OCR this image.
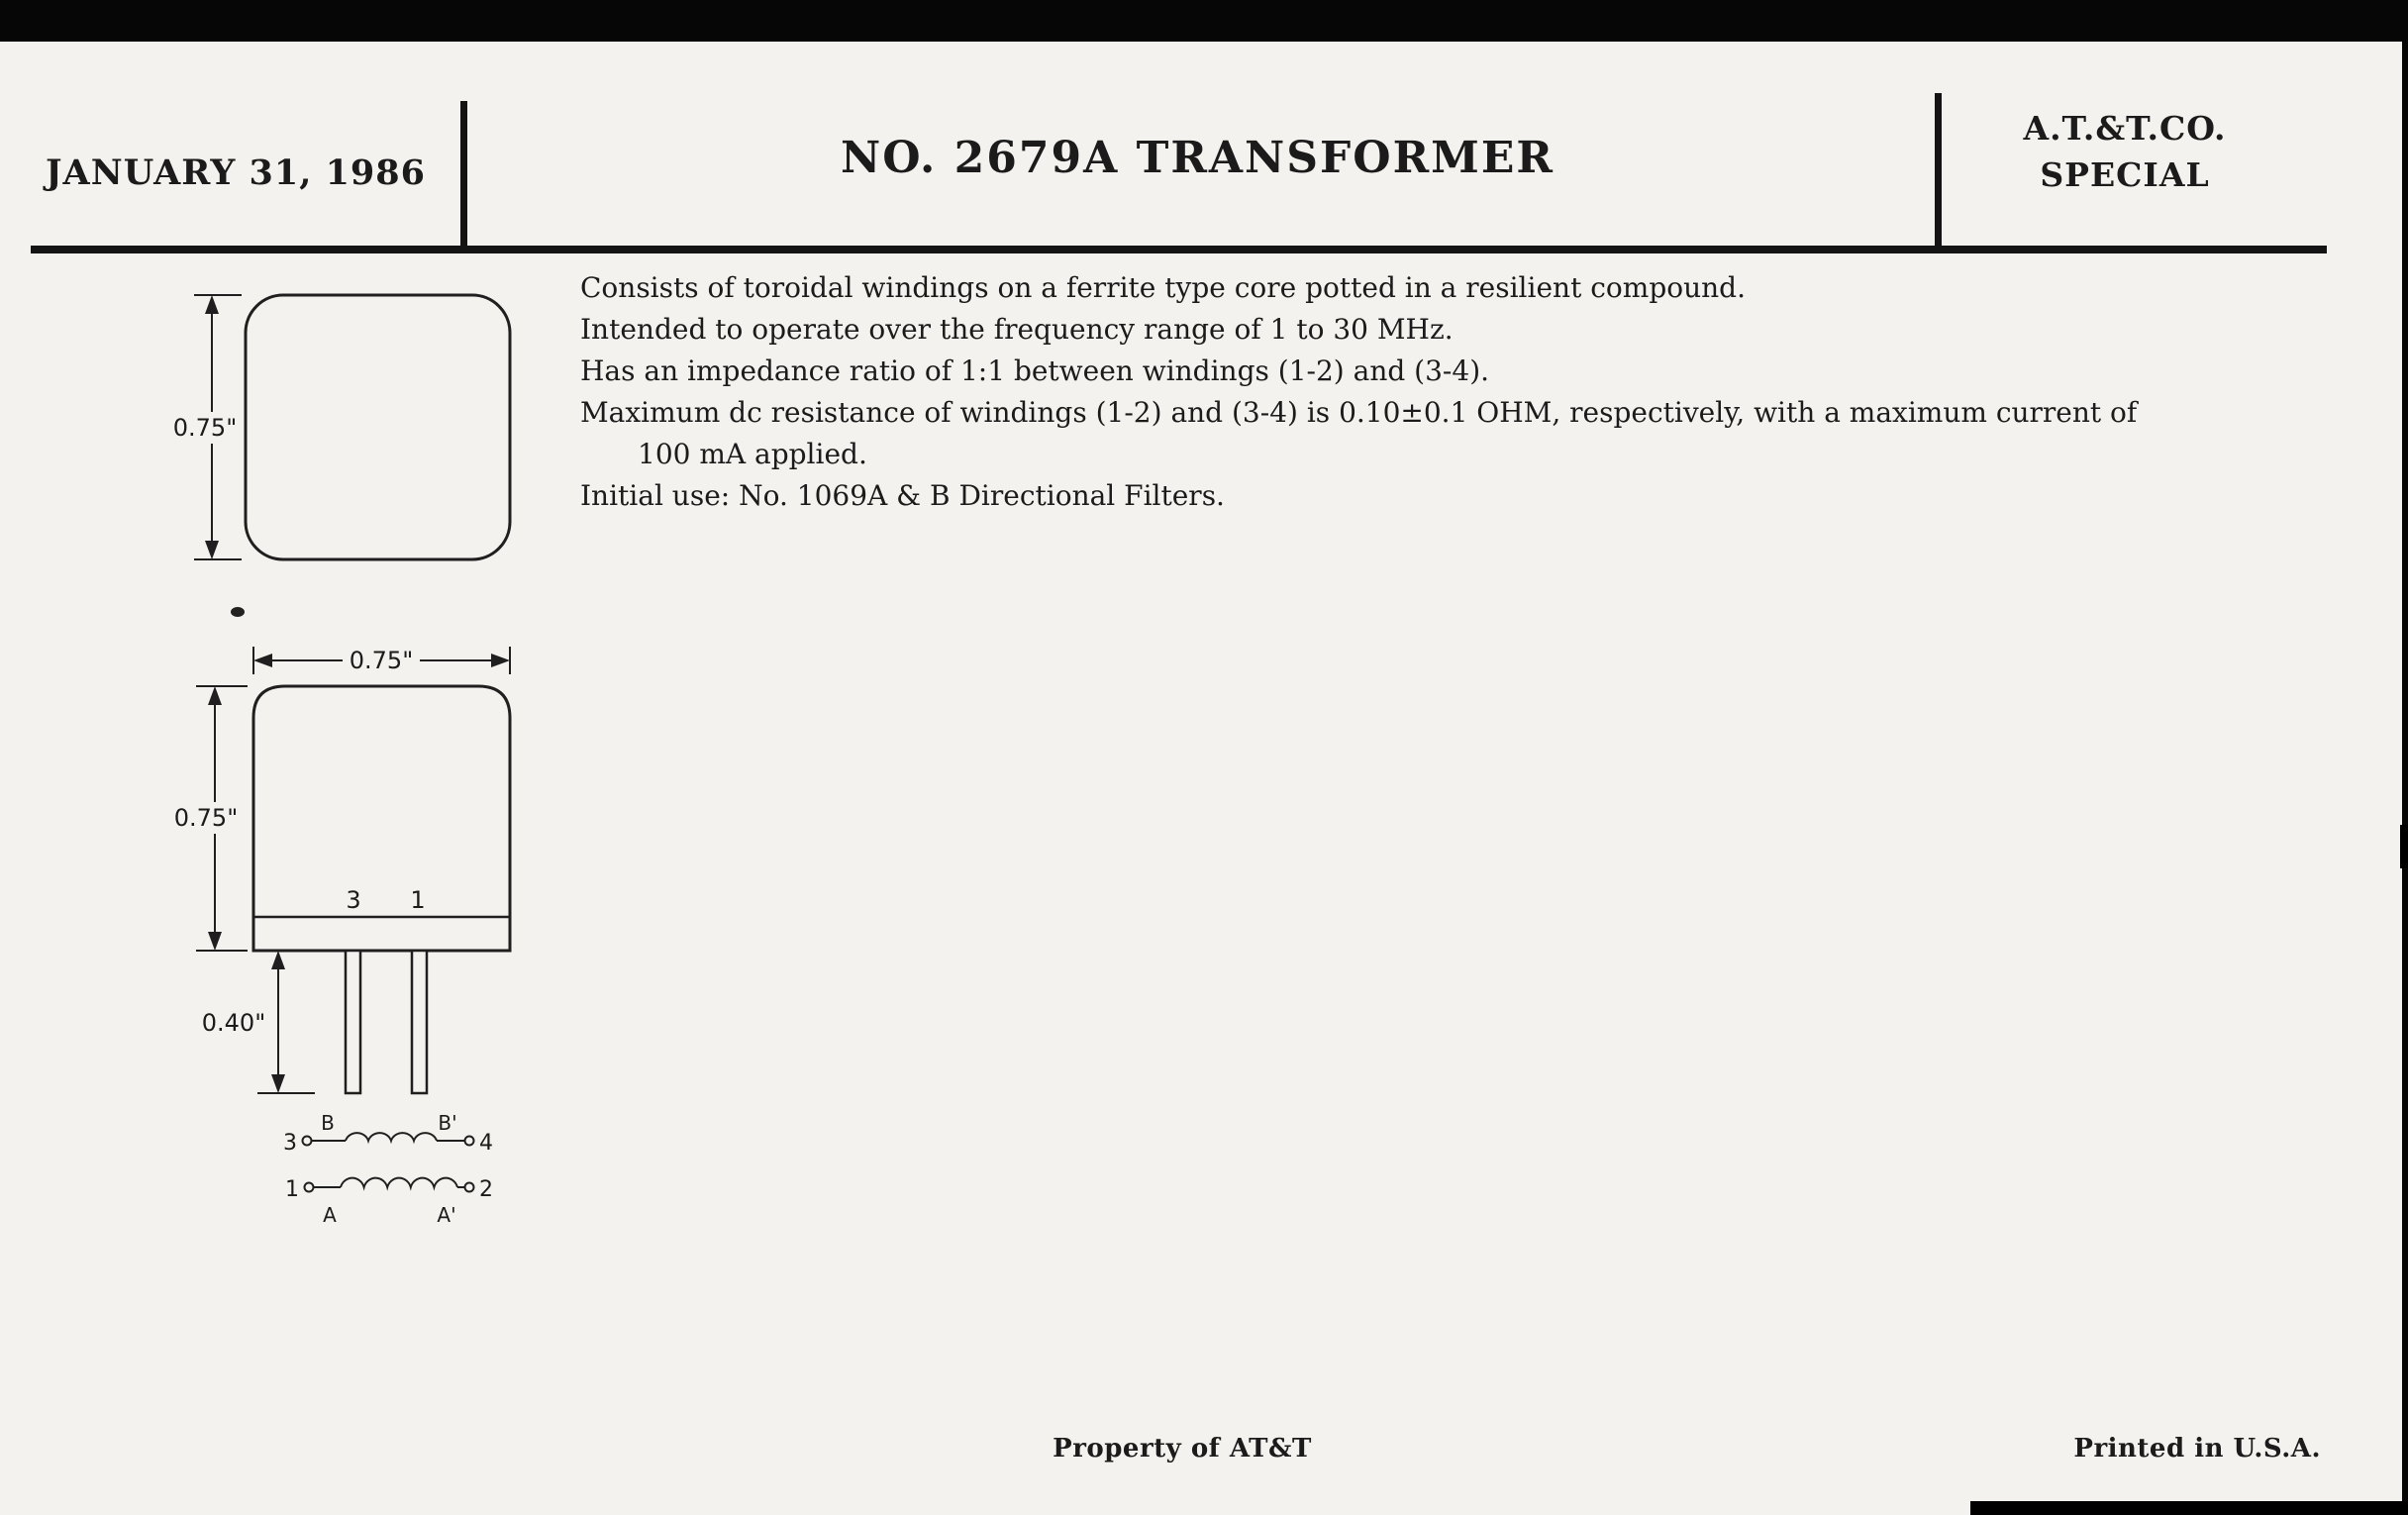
JANUARY 31, 1986	NO. 2679A TRANSFORMER
A.T.&T.CO.
SPECIAL
Consists of toroidal windings on a ferrite type core potted in a resilient compound.
Intended to operate over the frequency range of 1 to 30 MHz.
Has an impedance ratio of 1:1 between windings (1-2) and (3-4).
Maximum dc resistance of windings (1-2) and (3-4) is 0.10±0.1 OHM, respectively, with a maximum current of
100 mA applied.
Initial use: No. 1069A & B Directional Filters.
0.75"
0.75"
3 1
0.75"
0.40"
3
B	B'
4
1	2
A	A'
Property of AT&T	Printed in U.S.A.
